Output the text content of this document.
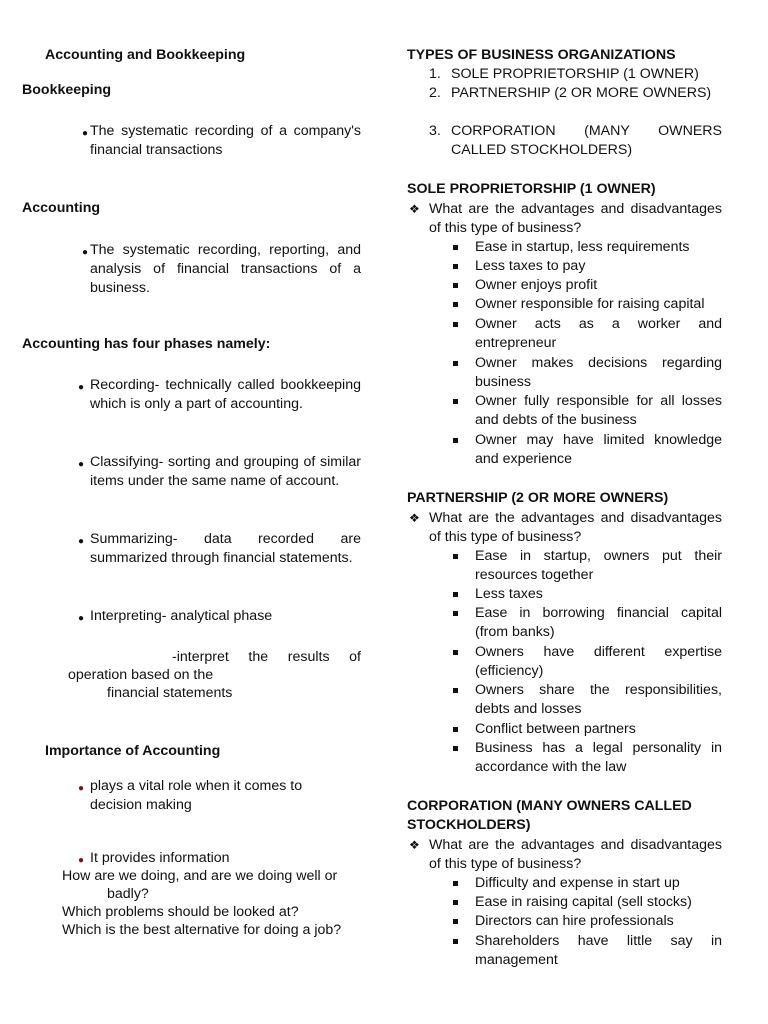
Accounting and Bookkeeping
Bookkeeping
● The systematic recording of a company's financial transactions
Accounting
● The systematic recording, reporting, and analysis of financial transactions of a business.
Accounting has four phases namely:
● Recording- technically called bookkeeping which is only a part of accounting.
● Classifying- sorting and grouping of similar items under the same name of account.
● Summarizing- data recorded are summarized through financial statements.
● Interpreting- analytical phase
-interpret the results of
operation based on the
financial statements
Importance of Accounting
● plays a vital role when it comes to decision making
● It provides information
How are we doing, and are we doing well or
badly?
Which problems should be looked at?
Which is the best alternative for doing a job?
TYPES OF BUSINESS ORGANIZATIONS
1. SOLE PROPRIETORSHIP (1 OWNER)
2. PARTNERSHIP (2 OR MORE OWNERS)
3. CORPORATION (MANY OWNERS CALLED STOCKHOLDERS)
SOLE PROPRIETORSHIP (1 OWNER)
❖ What are the advantages and disadvantages of this type of business?
Ease in startup, less requirements
Less taxes to pay
Owner enjoys profit
Owner responsible for raising capital
Owner acts as a worker and entrepreneur
Owner makes decisions regarding business
Owner fully responsible for all losses and debts of the business
Owner may have limited knowledge and experience
PARTNERSHIP (2 OR MORE OWNERS)
❖ What are the advantages and disadvantages of this type of business?
Ease in startup, owners put their resources together
Less taxes
Ease in borrowing financial capital (from banks)
Owners have different expertise (efficiency)
Owners share the responsibilities, debts and losses
Conflict between partners
Business has a legal personality in accordance with the law
CORPORATION (MANY OWNERS CALLED STOCKHOLDERS)
❖ What are the advantages and disadvantages of this type of business?
Difficulty and expense in start up
Ease in raising capital (sell stocks)
Directors can hire professionals
Shareholders have little say in management
